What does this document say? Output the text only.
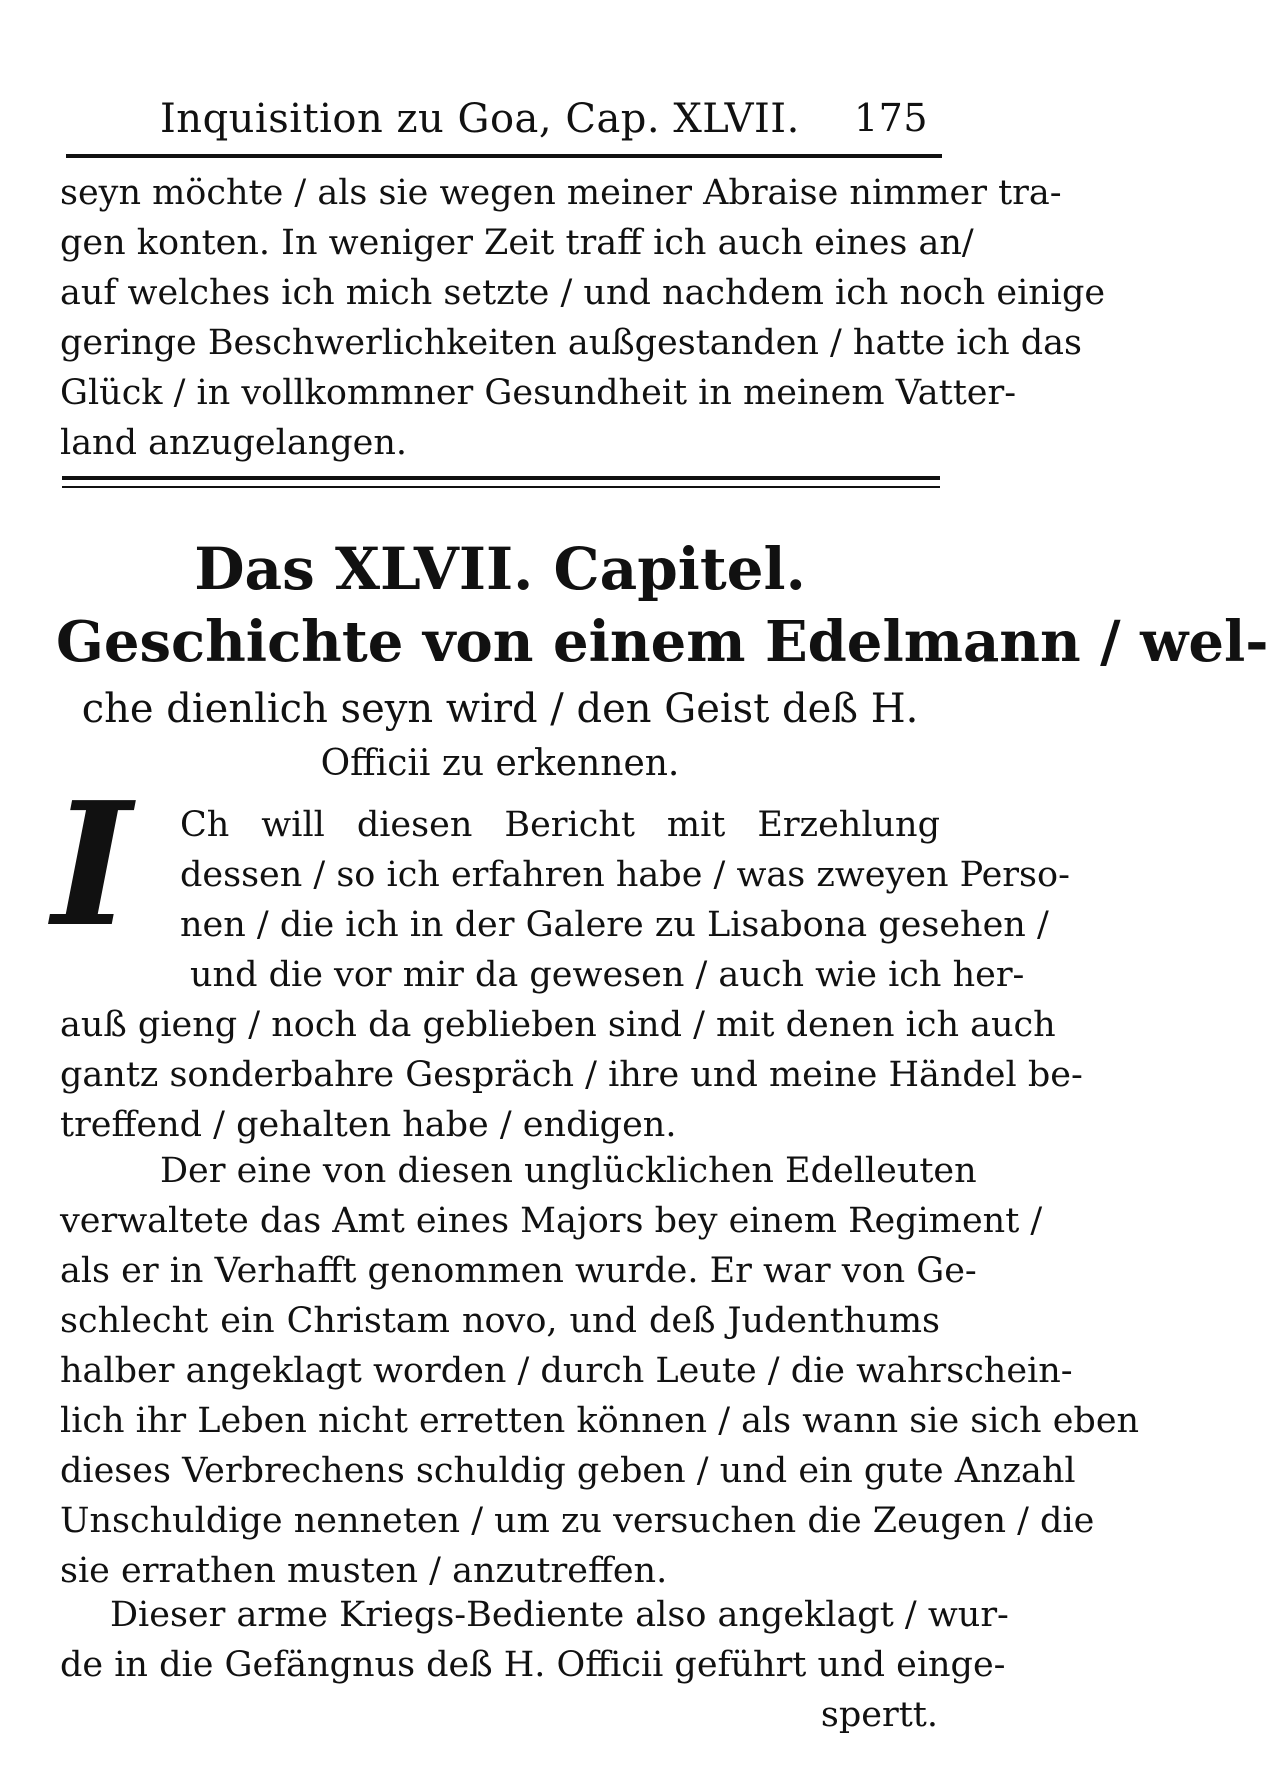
Inquisition zu Goa, Cap. XLVII. 175

seyn möchte / als sie wegen meiner Abraise nimmer tra-
gen konten. In weniger Zeit traff ich auch eines an/
auf welches ich mich setzte / und nachdem ich noch einige
geringe Beschwerlichkeiten außgestanden / hatte ich das
Glück / in vollkommner Gesundheit in meinem Vatter-
land anzugelangen.

Das XLVII. Capitel.
Geschichte von einem Edelmann / wel-
che dienlich seyn wird / den Geist deß H.
Officii zu erkennen.
I	Ch will diesen Bericht mit Erzehlung
dessen / so ich erfahren habe / was zweyen Perso-
nen / die ich in der Galere zu Lisabona gesehen /
und die vor mir da gewesen / auch wie ich her-
auß gieng / noch da geblieben sind / mit denen ich auch
gantz sonderbahre Gespräch / ihre und meine Händel be-
treffend / gehalten habe / endigen.

Der eine von diesen unglücklichen Edelleuten
verwaltete das Amt eines Majors bey einem Regiment /
als er in Verhafft genommen wurde. Er war von Ge-
schlecht ein Christam novo, und deß Judenthums
halber angeklagt worden / durch Leute / die wahrschein-
lich ihr Leben nicht erretten können / als wann sie sich eben
dieses Verbrechens schuldig geben / und ein gute Anzahl
Unschuldige nenneten / um zu versuchen die Zeugen / die
sie errathen musten / anzutreffen.

Dieser arme Kriegs-Bediente also angeklagt / wur-
de in die Gefängnus deß H. Officii geführt und einge-

spertt.
